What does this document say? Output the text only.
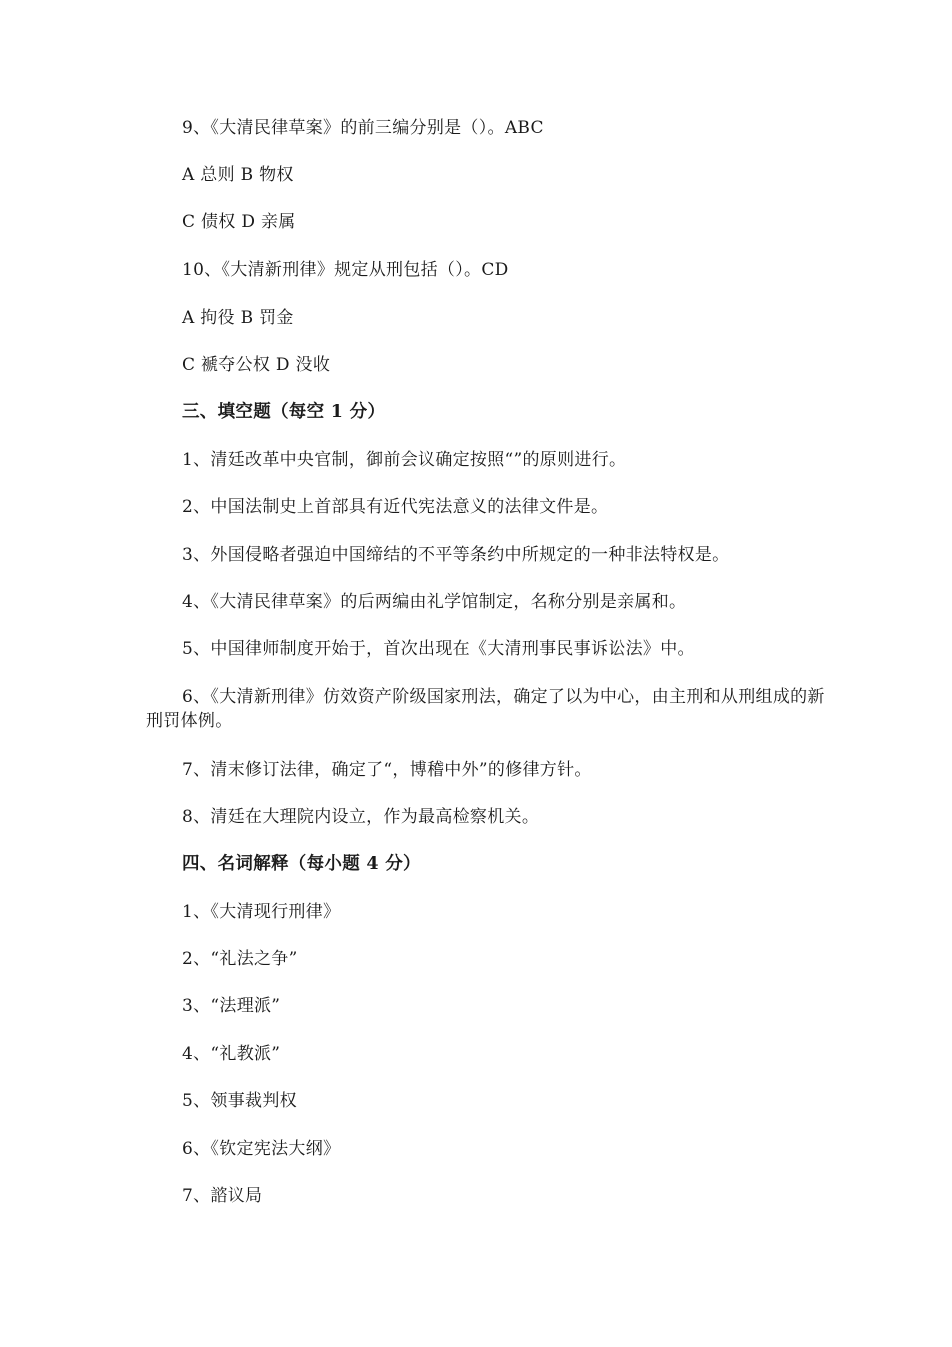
9、《大清民律草案》的前三编分别是（）。ABC
A 总则 B 物权
C 债权 D 亲属
10、《大清新刑律》规定从刑包括（）。CD
A 拘役 B 罚金
C 褫夺公权 D 没收
三、填空题（每空 1 分）
1、清廷改革中央官制，御前会议确定按照“”的原则进行。
2、中国法制史上首部具有近代宪法意义的法律文件是。
3、外国侵略者强迫中国缔结的不平等条约中所规定的一种非法特权是。
4、《大清民律草案》的后两编由礼学馆制定，名称分别是亲属和。
5、中国律师制度开始于，首次出现在《大清刑事民事诉讼法》中。
6、《大清新刑律》仿效资产阶级国家刑法，确定了以为中心，由主刑和从刑组成的新刑罚体例。
7、清末修订法律，确定了“，博稽中外”的修律方针。
8、清廷在大理院内设立，作为最高检察机关。
四、名词解释（每小题 4 分）
1、《大清现行刑律》
2、“礼法之争”
3、“法理派”
4、“礼教派”
5、领事裁判权
6、《钦定宪法大纲》
7、諮议局
